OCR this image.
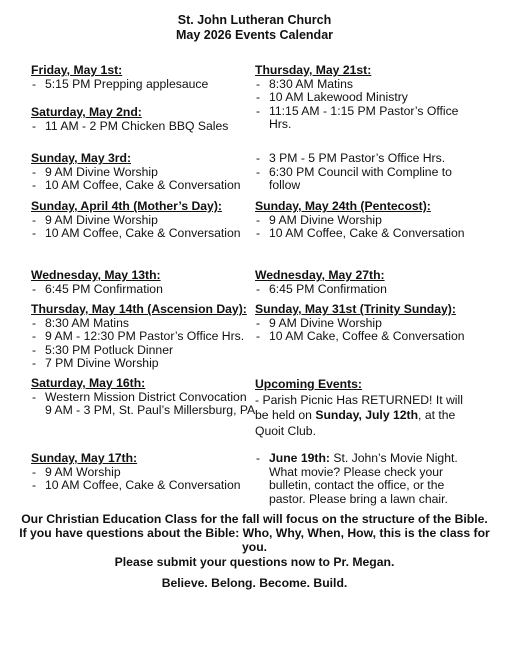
St. John Lutheran Church
May 2026 Events Calendar
Friday, May 1st:
- 5:15 PM Prepping applesauce
Saturday, May 2nd:
- 11 AM - 2 PM Chicken BBQ Sales
Sunday, May 3rd:
- 9 AM Divine Worship
- 10 AM Coffee, Cake & Conversation
Sunday, April 4th (Mother’s Day):
- 9 AM Divine Worship
- 10 AM Coffee, Cake & Conversation
Wednesday, May 13th:
- 6:45 PM Confirmation
Thursday, May 14th (Ascension Day):
- 8:30 AM Matins
- 9 AM - 12:30 PM Pastor’s Office Hrs.
- 5:30 PM Potluck Dinner
- 7 PM Divine Worship
Saturday, May 16th:
- Western Mission District Convocation
9 AM - 3 PM, St. Paul’s Millersburg, PA
Sunday, May 17th:
- 9 AM Worship
- 10 AM Coffee, Cake & Conversation
Thursday, May 21st:
- 8:30 AM Matins
- 10 AM Lakewood Ministry
- 11:15 AM - 1:15 PM Pastor’s Office Hrs.
- 3 PM - 5 PM Pastor’s Office Hrs.
- 6:30 PM Council with Compline to follow
Sunday, May 24th (Pentecost):
- 9 AM Divine Worship
- 10 AM Coffee, Cake & Conversation
Wednesday, May 27th:
- 6:45 PM Confirmation
Sunday, May 31st (Trinity Sunday):
- 9 AM Divine Worship
- 10 AM Cake, Coffee & Conversation
Upcoming Events:
- Parish Picnic Has RETURNED! It will be held on Sunday, July 12th, at the Quoit Club.
- June 19th: St. John’s Movie Night. What movie? Please check your bulletin, contact the office, or the pastor. Please bring a lawn chair.
Our Christian Education Class for the fall will focus on the structure of the Bible. If you have questions about the Bible: Who, Why, When, How, this is the class for you.
Please submit your questions now to Pr. Megan.
Believe. Belong. Become. Build.
